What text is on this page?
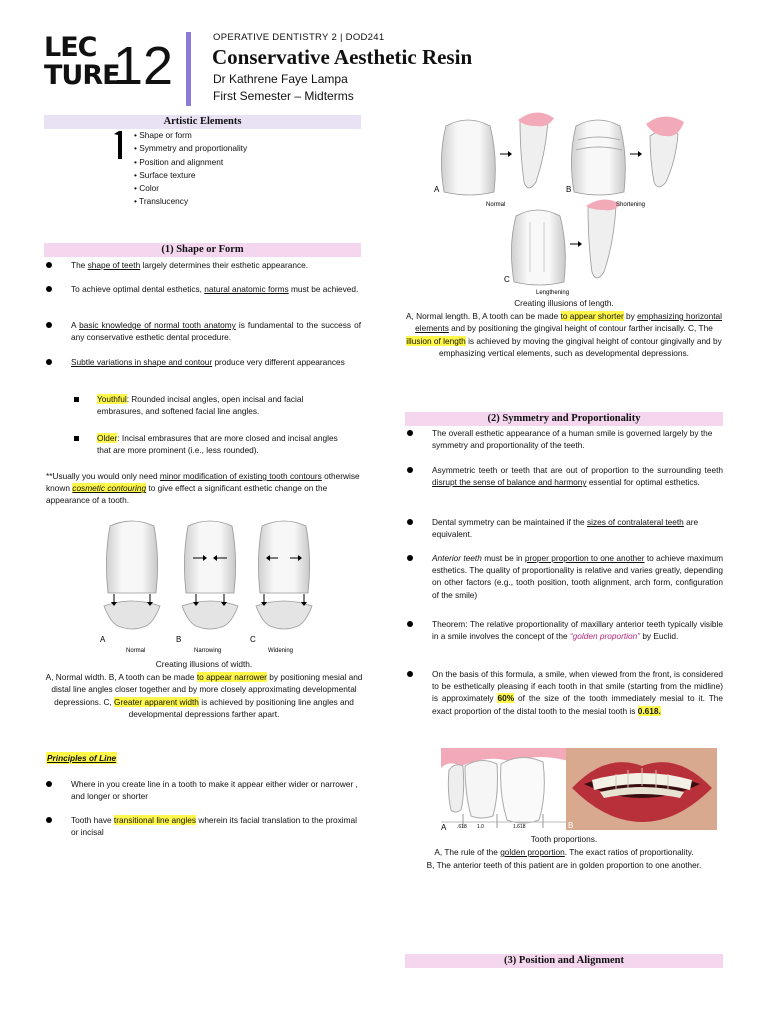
LEC
TURE
12	OPERATIVE DENTISTRY 2 | DOD241
Conservative Aesthetic Resin
Dr Kathrene Faye Lampa
First Semester – Midterms
Artistic Elements
• Shape or form
• Symmetry and proportionality
• Position and alignment
• Surface texture
• Color
• Translucency
(1) Shape or Form
The shape of teeth largely determines their esthetic appearance.
To achieve optimal dental esthetics, natural anatomic forms must be achieved.
A basic knowledge of normal tooth anatomy is fundamental to the success of any conservative esthetic dental procedure.
Subtle variations in shape and contour produce very different appearances
Youthful: Rounded incisal angles, open incisal and facial embrasures, and softened facial line angles.
Older: Incisal embrasures that are more closed and incisal angles that are more prominent (i.e., less rounded).
**Usually you would only need minor modification of existing tooth contours otherwise known cosmetic contouring to give effect a significant esthetic change on the appearance of a tooth.
A	B	C
Normal	Narrowing	Widening
Creating illusions of width.
A, Normal width. B, A tooth can be made to appear narrower by positioning mesial and distal line angles closer together and by more closely approximating developmental depressions. C, Greater apparent width is achieved by positioning line angles and developmental depressions farther apart.
Principles of Line
Where in you create line in a tooth to make it appear either wider or narrower , and longer or shorter
Tooth have transitional line angles wherein its facial translation to the proximal or incisal
A	B
C
Normal	Shortening
Lengthening
Creating illusions of length.
A, Normal length. B, A tooth can be made to appear shorter by emphasizing horizontal elements and by positioning the gingival height of contour farther incisally. C, The illusion of length is achieved by moving the gingival height of contour gingivally and by emphasizing vertical elements, such as developmental depressions.
(2) Symmetry and Proportionality
The overall esthetic appearance of a human smile is governed largely by the symmetry and proportionality of the teeth.
Asymmetric teeth or teeth that are out of proportion to the surrounding teeth disrupt the sense of balance and harmony essential for optimal esthetics.
Dental symmetry can be maintained if the sizes of contralateral teeth are equivalent.
Anterior teeth must be in proper proportion to one another to achieve maximum esthetics. The quality of proportionality is relative and varies greatly, depending on other factors (e.g., tooth position, tooth alignment, arch form, configuration of the smile)
Theorem: The relative proportionality of maxillary anterior teeth typically visible in a smile involves the concept of the “golden proportion” by Euclid.
On the basis of this formula, a smile, when viewed from the front, is considered to be esthetically pleasing if each tooth in that smile (starting from the midline) is approximately 60% of the size of the tooth immediately mesial to it. The exact proportion of the distal tooth to the mesial tooth is 0.618.
A .618 1.0	1.618	B
Tooth proportions.
A, The rule of the golden proportion. The exact ratios of proportionality.
B, The anterior teeth of this patient are in golden proportion to one another.
(3) Position and Alignment
